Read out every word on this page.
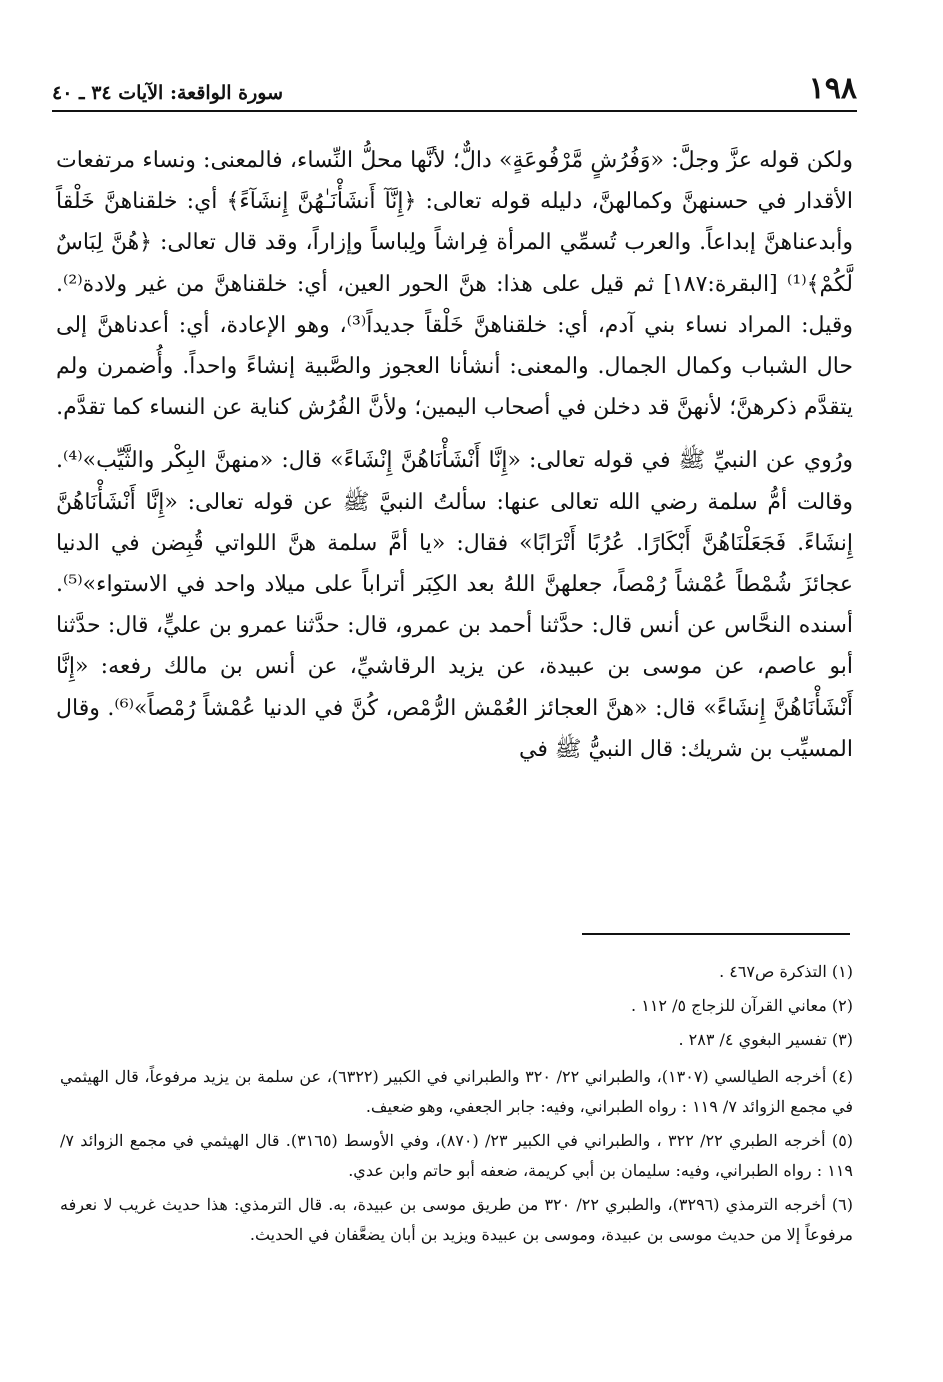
١٩٨
سورة الواقعة: الآيات ٣٤ ـ ٤٠

ولكن قوله عزَّ وجلَّ: «وَفُرُشٍ مَّرْفُوعَةٍ» دالٌّ؛ لأنَّها محلُّ النِّساء، فالمعنى: ونساء مرتفعات الأقدار في حسنهنَّ وكمالهنَّ، دليله قوله تعالى: ﴿إِنَّآ أَنشَأْنَـٰهُنَّ إِنشَآءً﴾ أي: خلقناهنَّ خَلْقاً وأبدعناهنَّ إبداعاً. والعرب تُسمِّي المرأة فِراشاً ولِباساً وإزاراً، وقد قال تعالى: ﴿هُنَّ لِبَاسٌ لَّكُمْ﴾⁽¹⁾ [البقرة:١٨٧] ثم قيل على هذا: هنَّ الحور العين، أي: خلقناهنَّ من غير ولادة⁽²⁾. وقيل: المراد نساء بني آدم، أي: خلقناهنَّ خَلْقاً جديداً⁽³⁾، وهو الإعادة، أي: أعدناهنَّ إلى حال الشباب وكمال الجمال. والمعنى: أنشأنا العجوز والصَّبية إنشاءً واحداً. وأُضمرن ولم يتقدَّم ذكرهنَّ؛ لأنهنَّ قد دخلن في أصحاب اليمين؛ ولأنَّ الفُرُش كناية عن النساء كما تقدَّم.

ورُوي عن النبيِّ ﷺ في قوله تعالى: «إِنَّا أَنْشَأْنَاهُنَّ إِنْشَاءً» قال: «منهنَّ البِكْر والثَّيِّب»⁽⁴⁾. وقالت أمُّ سلمة رضي الله تعالى عنها: سألتُ النبيَّ ﷺ عن قوله تعالى: «إِنَّا أَنْشَأْنَاهُنَّ إِنشَاءً. فَجَعَلْنَاهُنَّ أَبْكَارًا. عُرُبًا أَتْرَابًا» فقال: «يا أمَّ سلمة هنَّ اللواتي قُبِضن في الدنيا عجائزَ شُمْطاً عُمْشاً رُمْصاً، جعلهنَّ اللهُ بعد الكِبَر أتراباً على ميلاد واحد في الاستواء»⁽⁵⁾. أسنده النحَّاس عن أنس قال: حدَّثنا أحمد بن عمرو، قال: حدَّثنا عمرو بن عليٍّ، قال: حدَّثنا أبو عاصم، عن موسى بن عبيدة، عن يزيد الرقاشيِّ، عن أنس بن مالك رفعه: «إِنَّا أَنْشَأْنَاهُنَّ إِنشَاءً» قال: «هنَّ العجائز العُمْش الرُّمْص، كُنَّ في الدنيا عُمْشاً رُمْصاً»⁽⁶⁾. وقال المسيِّب بن شريك: قال النبيُّ ﷺ في

(١) التذكرة ص٤٦٧ .
(٢) معاني القرآن للزجاج ٥/ ١١٢ .
(٣) تفسير البغوي ٤/ ٢٨٣ .
(٤) أخرجه الطيالسي (١٣٠٧)، والطبراني ٢٢/ ٣٢٠ والطبراني في الكبير (٦٣٢٢)، عن سلمة بن يزيد مرفوعاً، قال الهيثمي في مجمع الزوائد ٧/ ١١٩ : رواه الطبراني، وفيه: جابر الجعفي، وهو ضعيف.
(٥) أخرجه الطبري ٢٢/ ٣٢٢ ، والطبراني في الكبير ٢٣/ (٨٧٠)، وفي الأوسط (٣١٦٥). قال الهيثمي في مجمع الزوائد ٧/ ١١٩ : رواه الطبراني، وفيه: سليمان بن أبي كريمة، ضعفه أبو حاتم وابن عدي.
(٦) أخرجه الترمذي (٣٢٩٦)، والطبري ٢٢/ ٣٢٠ من طريق موسى بن عبيدة، به. قال الترمذي: هذا حديث غريب لا نعرفه مرفوعاً إلا من حديث موسى بن عبيدة، وموسى بن عبيدة ويزيد بن أبان يضعَّفان في الحديث.
